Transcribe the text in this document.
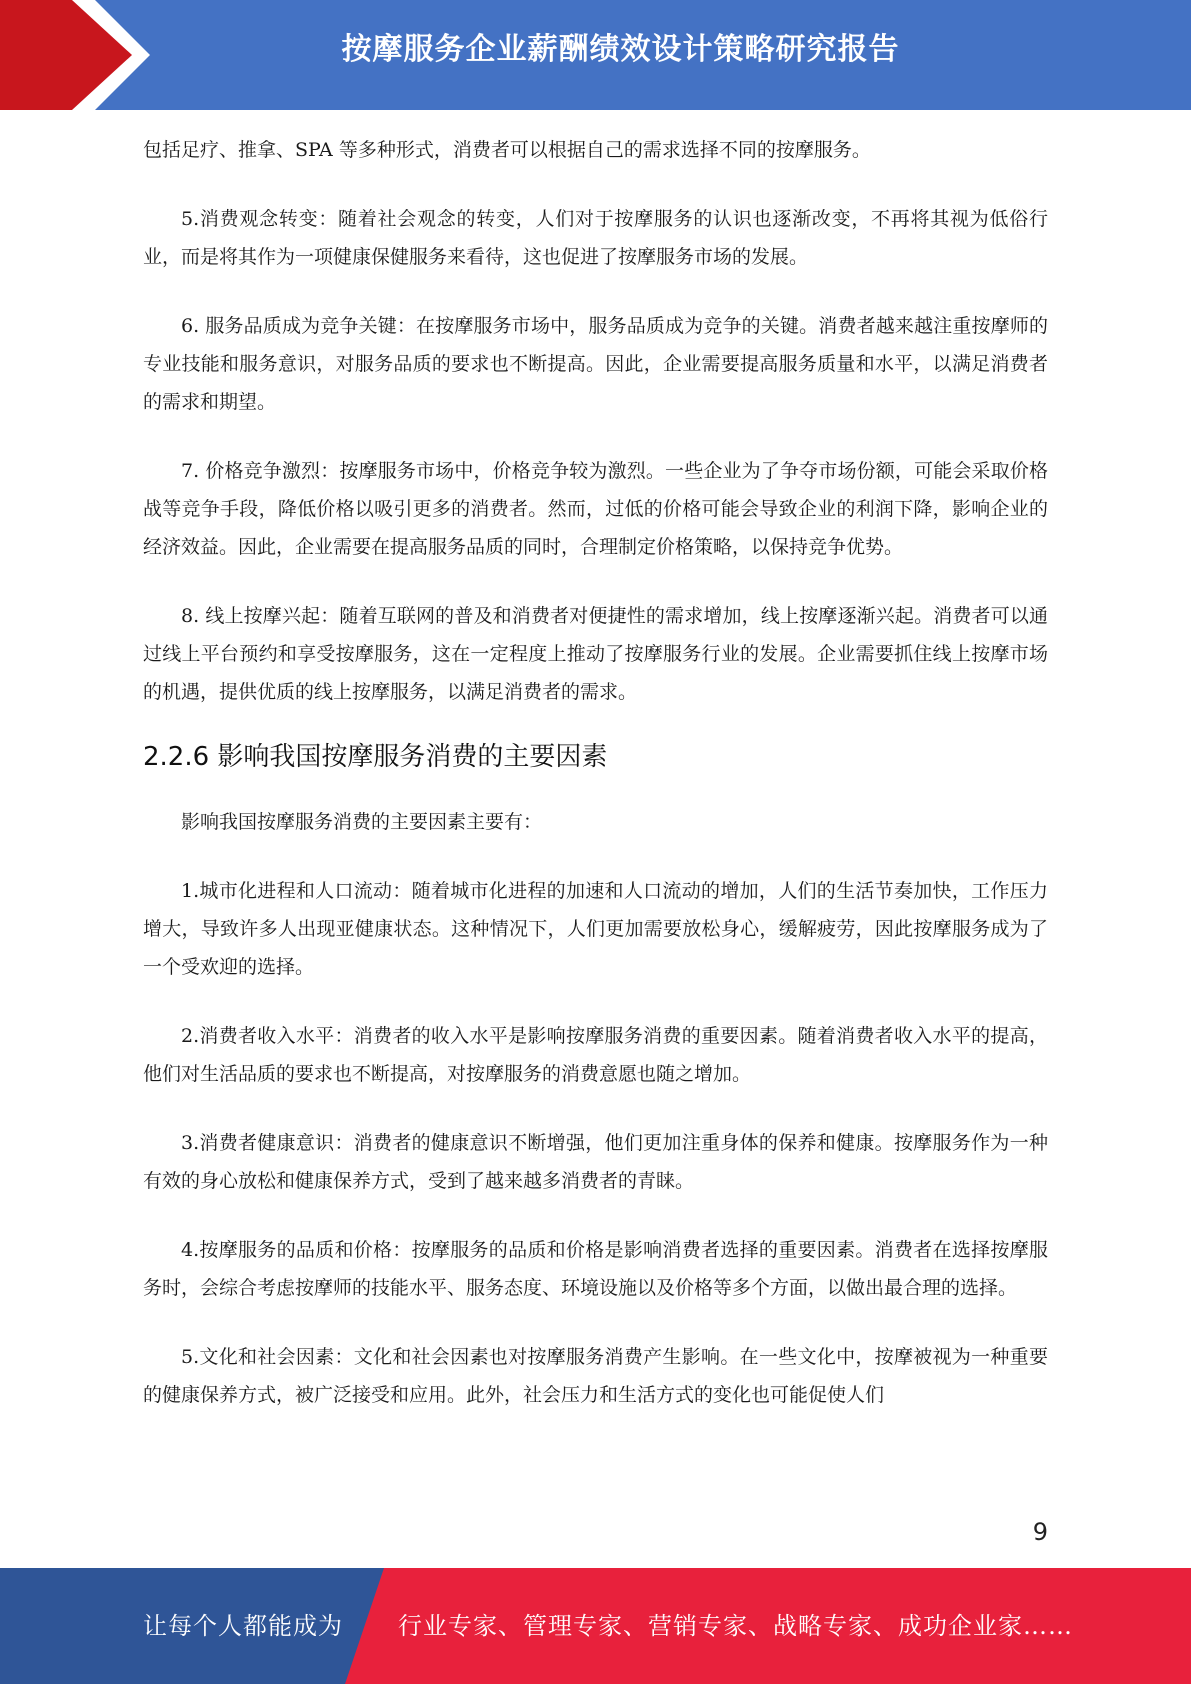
按摩服务企业薪酬绩效设计策略研究报告

包括足疗、推拿、SPA 等多种形式，消费者可以根据自己的需求选择不同的按摩服务。

5.消费观念转变：随着社会观念的转变，人们对于按摩服务的认识也逐渐改变，不再将其视为低俗行业，而是将其作为一项健康保健服务来看待，这也促进了按摩服务市场的发展。

6. 服务品质成为竞争关键：在按摩服务市场中，服务品质成为竞争的关键。消费者越来越注重按摩师的专业技能和服务意识，对服务品质的要求也不断提高。因此，企业需要提高服务质量和水平，以满足消费者的需求和期望。

7. 价格竞争激烈：按摩服务市场中，价格竞争较为激烈。一些企业为了争夺市场份额，可能会采取价格战等竞争手段，降低价格以吸引更多的消费者。然而，过低的价格可能会导致企业的利润下降，影响企业的经济效益。因此，企业需要在提高服务品质的同时，合理制定价格策略，以保持竞争优势。

8. 线上按摩兴起：随着互联网的普及和消费者对便捷性的需求增加，线上按摩逐渐兴起。消费者可以通过线上平台预约和享受按摩服务，这在一定程度上推动了按摩服务行业的发展。企业需要抓住线上按摩市场的机遇，提供优质的线上按摩服务，以满足消费者的需求。

2.2.6 影响我国按摩服务消费的主要因素

影响我国按摩服务消费的主要因素主要有：

1.城市化进程和人口流动：随着城市化进程的加速和人口流动的增加，人们的生活节奏加快，工作压力增大，导致许多人出现亚健康状态。这种情况下，人们更加需要放松身心，缓解疲劳，因此按摩服务成为了一个受欢迎的选择。

2.消费者收入水平：消费者的收入水平是影响按摩服务消费的重要因素。随着消费者收入水平的提高，他们对生活品质的要求也不断提高，对按摩服务的消费意愿也随之增加。

3.消费者健康意识：消费者的健康意识不断增强，他们更加注重身体的保养和健康。按摩服务作为一种有效的身心放松和健康保养方式，受到了越来越多消费者的青睐。

4.按摩服务的品质和价格：按摩服务的品质和价格是影响消费者选择的重要因素。消费者在选择按摩服务时，会综合考虑按摩师的技能水平、服务态度、环境设施以及价格等多个方面，以做出最合理的选择。

5.文化和社会因素：文化和社会因素也对按摩服务消费产生影响。在一些文化中，按摩被视为一种重要的健康保养方式，被广泛接受和应用。此外，社会压力和生活方式的变化也可能促使人们

9
让每个人都能成为 行业专家、管理专家、营销专家、战略专家、成功企业家……
